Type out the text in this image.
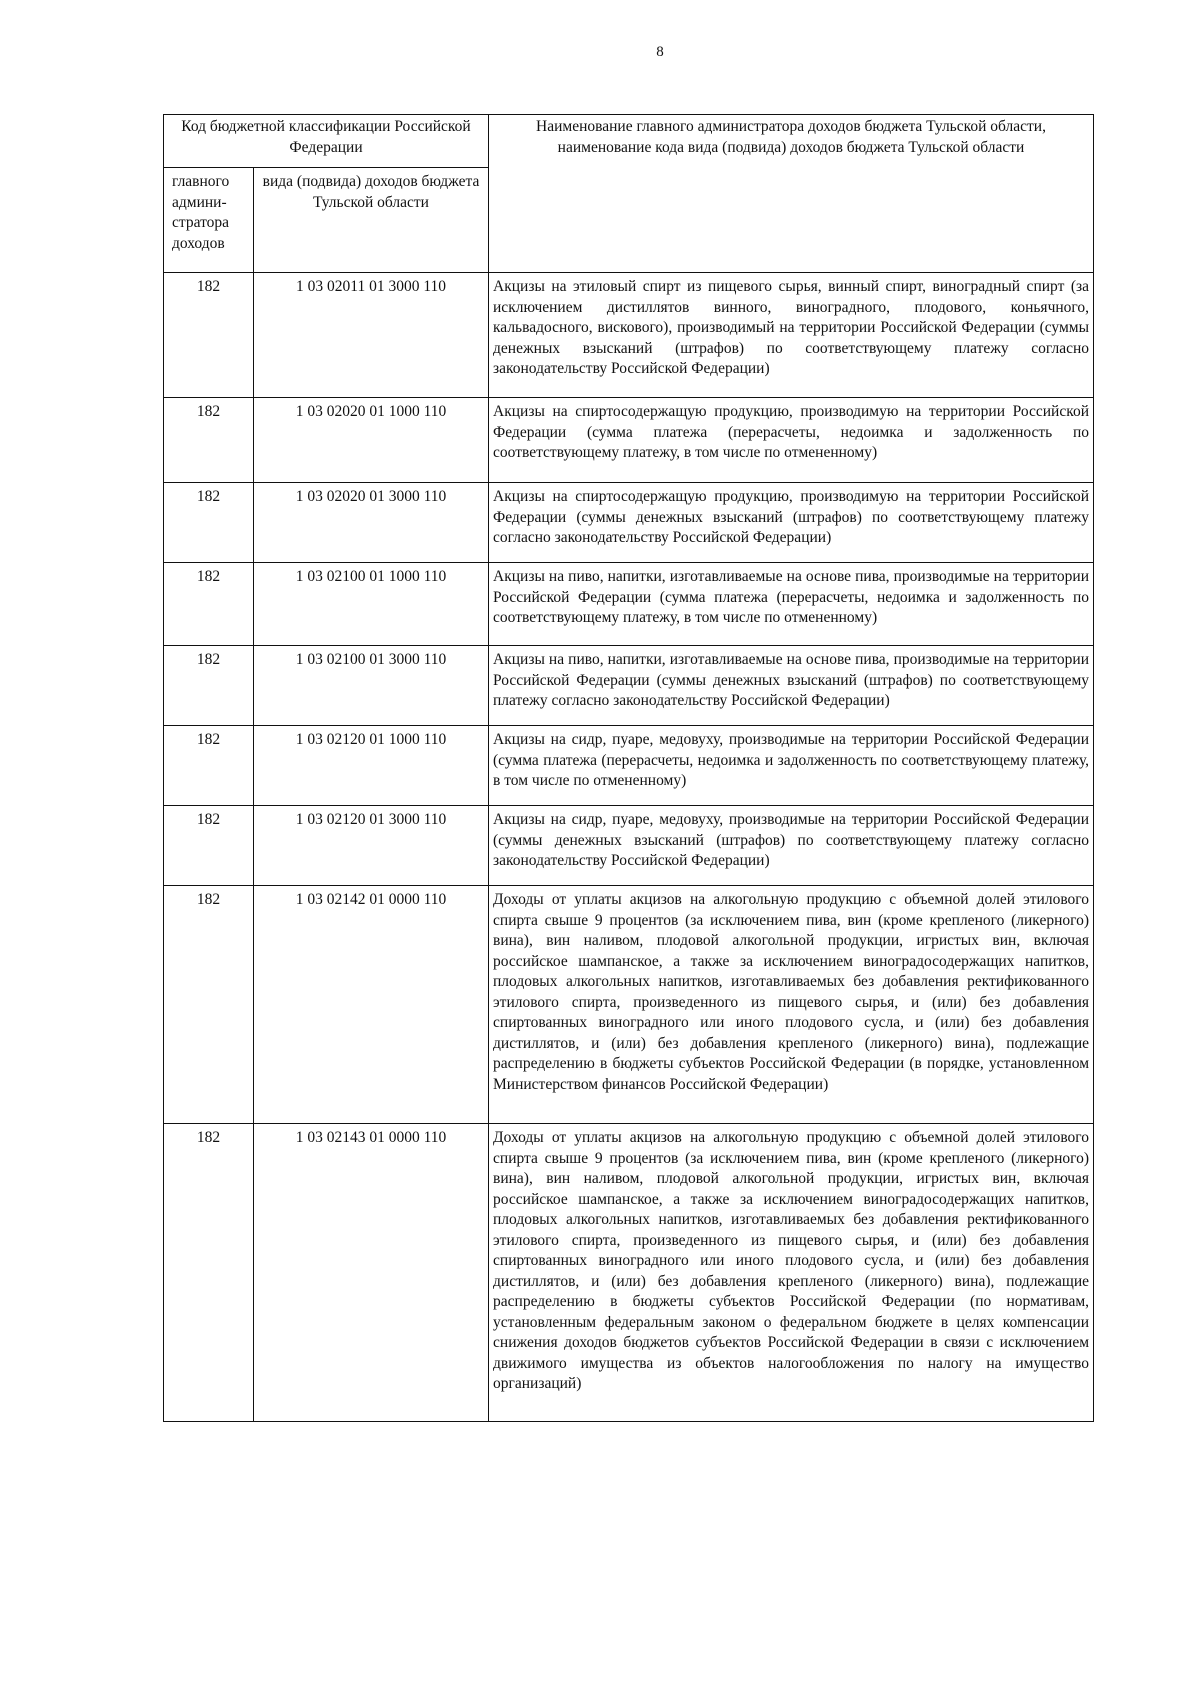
8
Код бюджетной классификации Российской Федерации		Наименование главного администратора доходов бюджета Тульской области, наименование кода вида (подвида) доходов бюджета Тульской области
главного
админи-
стратора
доходов	вида (подвида) доходов бюджета Тульской области	
182	1 03 02011 01 3000 110	Акцизы на этиловый спирт из пищевого сырья, винный спирт, виноградный спирт (за исключением дистиллятов винного, виноградного, плодового, коньячного, кальвадосного, вискового), производимый на территории Российской Федерации (суммы денежных взысканий (штрафов) по соответствующему платежу согласно законодательству Российской Федерации)
182	1 03 02020 01 1000 110	Акцизы на спиртосодержащую продукцию, производимую на территории Российской Федерации (сумма платежа (перерасчеты, недоимка и задолженность по соответствующему платежу, в том числе по отмененному)
182	1 03 02020 01 3000 110	Акцизы на спиртосодержащую продукцию, производимую на территории Российской Федерации (суммы денежных взысканий (штрафов) по соответствующему платежу согласно законодательству Российской Федерации)
182	1 03 02100 01 1000 110	Акцизы на пиво, напитки, изготавливаемые на основе пива, производимые на территории Российской Федерации (сумма платежа (перерасчеты, недоимка и задолженность по соответствующему платежу, в том числе по отмененному)
182	1 03 02100 01 3000 110	Акцизы на пиво, напитки, изготавливаемые на основе пива, производимые на территории Российской Федерации (суммы денежных взысканий (штрафов) по соответствующему платежу согласно законодательству Российской Федерации)
182	1 03 02120 01 1000 110	Акцизы на сидр, пуаре, медовуху, производимые на территории Российской Федерации (сумма платежа (перерасчеты, недоимка и задолженность по соответствующему платежу, в том числе по отмененному)
182	1 03 02120 01 3000 110	Акцизы на сидр, пуаре, медовуху, производимые на территории Российской Федерации (суммы денежных взысканий (штрафов) по соответствующему платежу согласно законодательству Российской Федерации)
182	1 03 02142 01 0000 110	Доходы от уплаты акцизов на алкогольную продукцию с объемной долей этилового спирта свыше 9 процентов (за исключением пива, вин (кроме крепленого (ликерного) вина), вин наливом, плодовой алкогольной продукции, игристых вин, включая российское шампанское, а также за исключением виноградосодержащих напитков, плодовых алкогольных напитков, изготавливаемых без добавления ректификованного этилового спирта, произведенного из пищевого сырья, и (или) без добавления спиртованных виноградного или иного плодового сусла, и (или) без добавления дистиллятов, и (или) без добавления крепленого (ликерного) вина), подлежащие распределению в бюджеты субъектов Российской Федерации (в порядке, установленном Министерством финансов Российской Федерации)
182	1 03 02143 01 0000 110	Доходы от уплаты акцизов на алкогольную продукцию с объемной долей этилового спирта свыше 9 процентов (за исключением пива, вин (кроме крепленого (ликерного) вина), вин наливом, плодовой алкогольной продукции, игристых вин, включая российское шампанское, а также за исключением виноградосодержащих напитков, плодовых алкогольных напитков, изготавливаемых без добавления ректификованного этилового спирта, произведенного из пищевого сырья, и (или) без добавления спиртованных виноградного или иного плодового сусла, и (или) без добавления дистиллятов, и (или) без добавления крепленого (ликерного) вина), подлежащие распределению в бюджеты субъектов Российской Федерации (по нормативам, установленным федеральным законом о федеральном бюджете в целях компенсации снижения доходов бюджетов субъектов Российской Федерации в связи с исключением движимого имущества из объектов налогообложения по налогу на имущество организаций)
